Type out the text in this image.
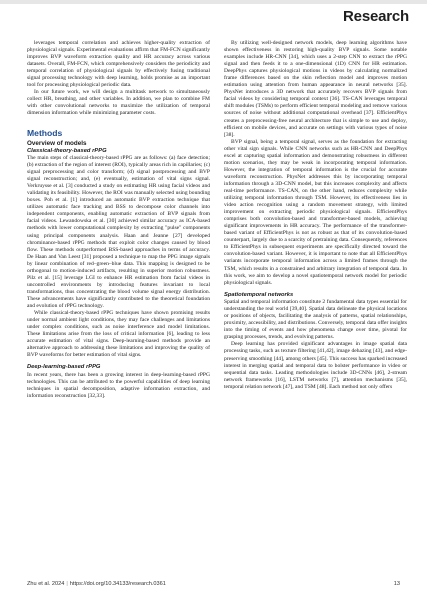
Research

leverages temporal correlation and achieves higher-quality extraction of physiological signals. Experimental evaluations affirm that FM-FCN significantly improves BVP waveform extraction quality and HR accuracy across various datasets. Overall, FM-FCN, which comprehensively considers the periodicity and temporal correlation of physiological signals by effectively fusing traditional signal processing technology with deep learning, holds promise as an important tool for processing physiological periodic data.

In our future work, we will design a multitask network to simultaneously collect HR, breathing, and other variables. In addition, we plan to combine FM with other convolutional networks to maximize the utilization of temporal dimension information while minimizing parameter costs.

Methods
Overview of models
Classical-theory-based rPPG

The main steps of classical-theory-based rPPG are as follows: (a) face detection; (b) extraction of the region of interest (ROI), typically areas rich in capillaries; (c) signal preprocessing and color transform; (d) signal postprocessing and BVP signal reconstruction; and, (e) eventually, estimation of vital signs signal. Verkruysse et al. [3] conducted a study on estimating HR using facial videos and validating its feasibility. However, the ROI was manually selected using bounding boxes. Poh et al. [1] introduced an automatic BVP extraction technique that utilizes automatic face tracking and BSS to decompose color channels into independent components, enabling automatic extraction of BVP signals from facial videos. Lewandowska et al. [30] achieved similar accuracy as ICA-based methods with lower computational complexity by extracting "pulse" components using principal components analysis. Haan and Jeanne [27] developed chrominance-based rPPG methods that exploit color changes caused by blood flow. These methods outperformed BSS-based approaches in terms of accuracy. De Haan and Van Leest [31] proposed a technique to map the PPG image signals by linear combination of red–green–blue data. This mapping is designed to be orthogonal to motion-induced artifacts, resulting in superior motion robustness. Pilz et al. [15] leverage LGI to enhance HR estimation from facial videos in uncontrolled environments by introducing features invariant to local transformations, thus concentrating the blood volume signal energy distribution. These advancements have significantly contributed to the theoretical foundation and evolution of rPPG technology.

While classical-theory-based rPPG techniques have shown promising results under normal ambient light conditions, they may face challenges and limitations under complex conditions, such as noise interference and model limitations. These limitations arise from the loss of critical information [6], leading to less accurate estimation of vital signs. Deep-learning-based methods provide an alternative approach to addressing these limitations and improving the quality of BVP waveforms for better estimation of vital signs.

Deep-learning-based rPPG

In recent years, there has been a growing interest in deep-learning-based rPPG technologies. This can be attributed to the powerful capabilities of deep learning techniques in spatial decomposition, adaptive information extraction, and information reconstruction [32,33].

By utilizing well-designed network models, deep learning algorithms have shown effectiveness in restoring high-quality BVP signals. Some notable examples include HR-CNN [34], which uses a 2-step CNN to extract the rPPG signal and then feeds it to a one-dimensional (1D) CNN for HR estimation. DeepPhys captures physiological motions in videos by calculating normalized frame differences based on the skin reflection model and improves motion estimation using attention from human appearance in neural networks [35]. PhysNet introduces a 3D network that accurately recovers BVP signals from facial videos by considering temporal context [36]. TS-CAN leverages temporal shift modules (TSMs) to perform efficient temporal modeling and remove various sources of noise without additional computational overhead [37]. EfficientPhys creates a preprocessing-free neural architecture that is simple to use and deploy, efficient on mobile devices, and accurate on settings with various types of noise [38].

BVP signal, being a temporal signal, serves as the foundation for extracting other vital sign signals. While CNN networks such as HR-CNN and DeepPhys excel at capturing spatial information and demonstrating robustness in different motion scenarios, they may be weak in incorporating temporal information. However, the integration of temporal information is the crucial for accurate waveform reconstruction. PhysNet addresses this by incorporating temporal information through a 3D-CNN model, but this increases complexity and affects real-time performance. TS-CAN, on the other hand, reduces complexity while utilizing temporal information through TSM. However, its effectiveness lies in video action recognition using a random movement strategy, with limited improvement on extracting periodic physiological signals. EfficientPhys comprises both convolution-based and transformer-based models, achieving significant improvements in HR accuracy. The performance of the transformer-based variant of EfficientPhys is not as robust as that of its convolution-based counterpart, largely due to a scarcity of pretraining data. Consequently, references to EfficientPhys in subsequent experiments are specifically directed toward the convolution-based variant. However, it is important to note that all EfficientPhys variants incorporate temporal information across a limited frames through the TSM, which results in a constrained and arbitrary integration of temporal data. In this work, we aim to develop a novel spatiotemporal network model for periodic physiological signals.

Spatiotemporal networks

Spatial and temporal information constitute 2 fundamental data types essential for understanding the real world [39,40]. Spatial data delineate the physical locations or positions of objects, facilitating the analysis of patterns, spatial relationships, proximity, accessibility, and distributions. Conversely, temporal data offer insights into the timing of events and how phenomena change over time, pivotal for grasping processes, trends, and evolving patterns.

Deep learning has provided significant advantages in image spatial data processing tasks, such as texture filtering [41,42], image dehazing [43], and edge-preserving smoothing [44], among others [45]. This success has sparked increased interest in merging spatial and temporal data to bolster performance in video or sequential data tasks. Leading methodologies include 3D-CNNs [46], 2-stream network frameworks [16], LSTM networks [7], attention mechanisms [35], temporal relation network [47], and TSM [48]. Each method not only offers

Zhu et al. 2024 | https://doi.org/10.34133/research.0361	13
